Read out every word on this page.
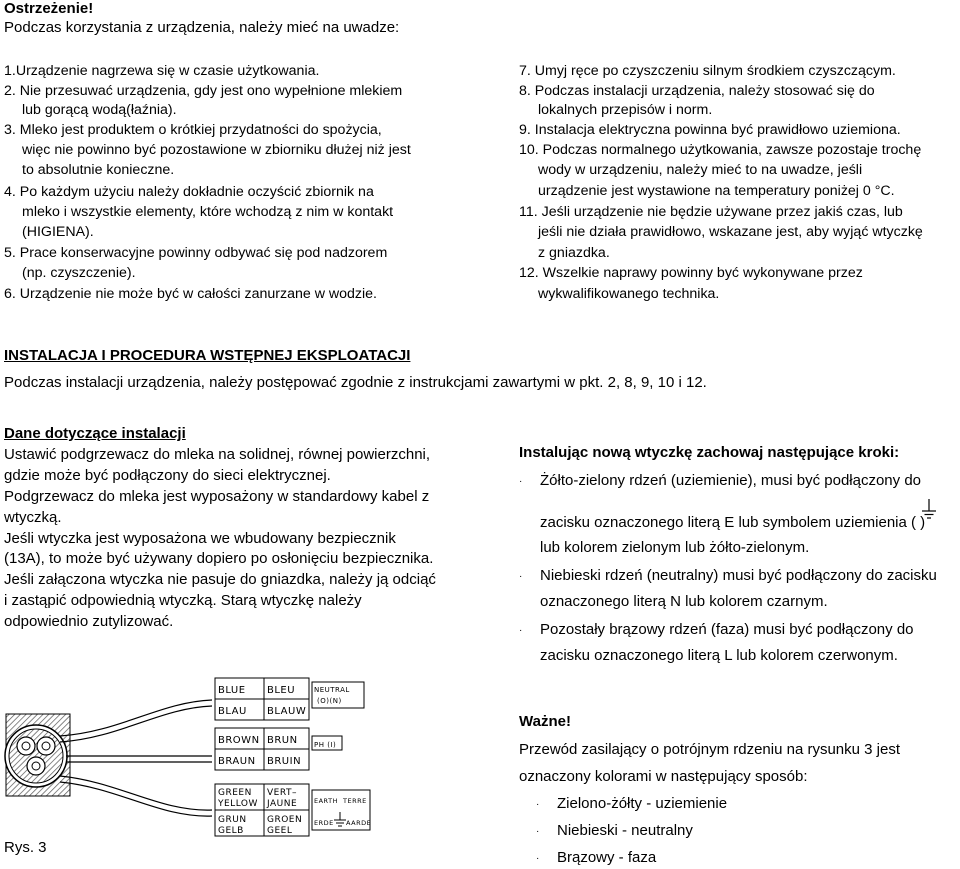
Ostrzeżenie!
Podczas korzystania z urządzenia, należy mieć na uwadze:
1.Urządzenie nagrzewa się w czasie użytkowania.
2. Nie przesuwać urządzenia, gdy jest ono wypełnione mlekiem
lub gorącą wodą(łaźnia).
3. Mleko jest produktem o krótkiej przydatności do spożycia,
więc nie powinno być pozostawione w zbiorniku dłużej niż jest
to absolutnie konieczne.
4. Po każdym użyciu należy dokładnie oczyścić zbiornik na
mleko i wszystkie elementy, które wchodzą z nim w kontakt
(HIGIENA).
5. Prace konserwacyjne powinny odbywać się pod nadzorem
(np. czyszczenie).
6. Urządzenie nie może być w całości zanurzane w wodzie.
7. Umyj ręce po czyszczeniu silnym środkiem czyszczącym.
8. Podczas instalacji urządzenia, należy stosować się do
lokalnych przepisów i norm.
9. Instalacja elektryczna powinna być prawidłowo uziemiona.
10. Podczas normalnego użytkowania, zawsze pozostaje trochę
wody w urządzeniu, należy mieć to na uwadze, jeśli
urządzenie jest wystawione na temperatury poniżej 0 °C.
11. Jeśli urządzenie nie będzie używane przez jakiś czas, lub
jeśli nie działa prawidłowo, wskazane jest, aby wyjąć wtyczkę
z gniazdka.
12. Wszelkie naprawy powinny być wykonywane przez
wykwalifikowanego technika.
INSTALACJA I PROCEDURA WSTĘPNEJ EKSPLOATACJI
Podczas instalacji urządzenia, należy postępować zgodnie z instrukcjami zawartymi w pkt. 2, 8, 9, 10 i 12.
Dane dotyczące instalacji
Ustawić podgrzewacz do mleka na solidnej, równej powierzchni,
gdzie może być podłączony do sieci elektrycznej.
Podgrzewacz do mleka jest wyposażony w standardowy kabel z
wtyczką.
Jeśli wtyczka jest wyposażona we wbudowany bezpiecznik
(13A), to może być używany dopiero po osłonięciu bezpiecznika.
Jeśli załączona wtyczka nie pasuje do gniazdka, należy ją odciąć
i zastąpić odpowiednią wtyczką. Starą wtyczkę należy
odpowiednio zutylizować.
Instalując nową wtyczkę zachowaj następujące kroki:
· Żółto-zielony rdzeń (uziemienie), musi być podłączony do
zacisku oznaczonego literą E lub symbolem uziemienia ( )
lub kolorem zielonym lub żółto-zielonym.
· Niebieski rdzeń (neutralny) musi być podłączony do zacisku
oznaczonego literą N lub kolorem czarnym.
· Pozostały brązowy rdzeń (faza) musi być podłączony do
zacisku oznaczonego literą L lub kolorem czerwonym.
Ważne!
Przewód zasilający o potrójnym rdzeniu na rysunku 3 jest
oznaczony kolorami w następujący sposób:
· Zielono-żółty - uziemienie
· Niebieski - neutralny
· Brązowy - faza
BLUE BLEU
BLAU BLAUW
NEUTRAL
(O)(N)
BROWN BRUN
BRAUN BRUIN
PH (I)
GREEN VERT–
YELLOW JAUNE
GRUN GROEN
GELB	GEEL
EARTH TERRE
ERDE AARDE
Rys. 3
